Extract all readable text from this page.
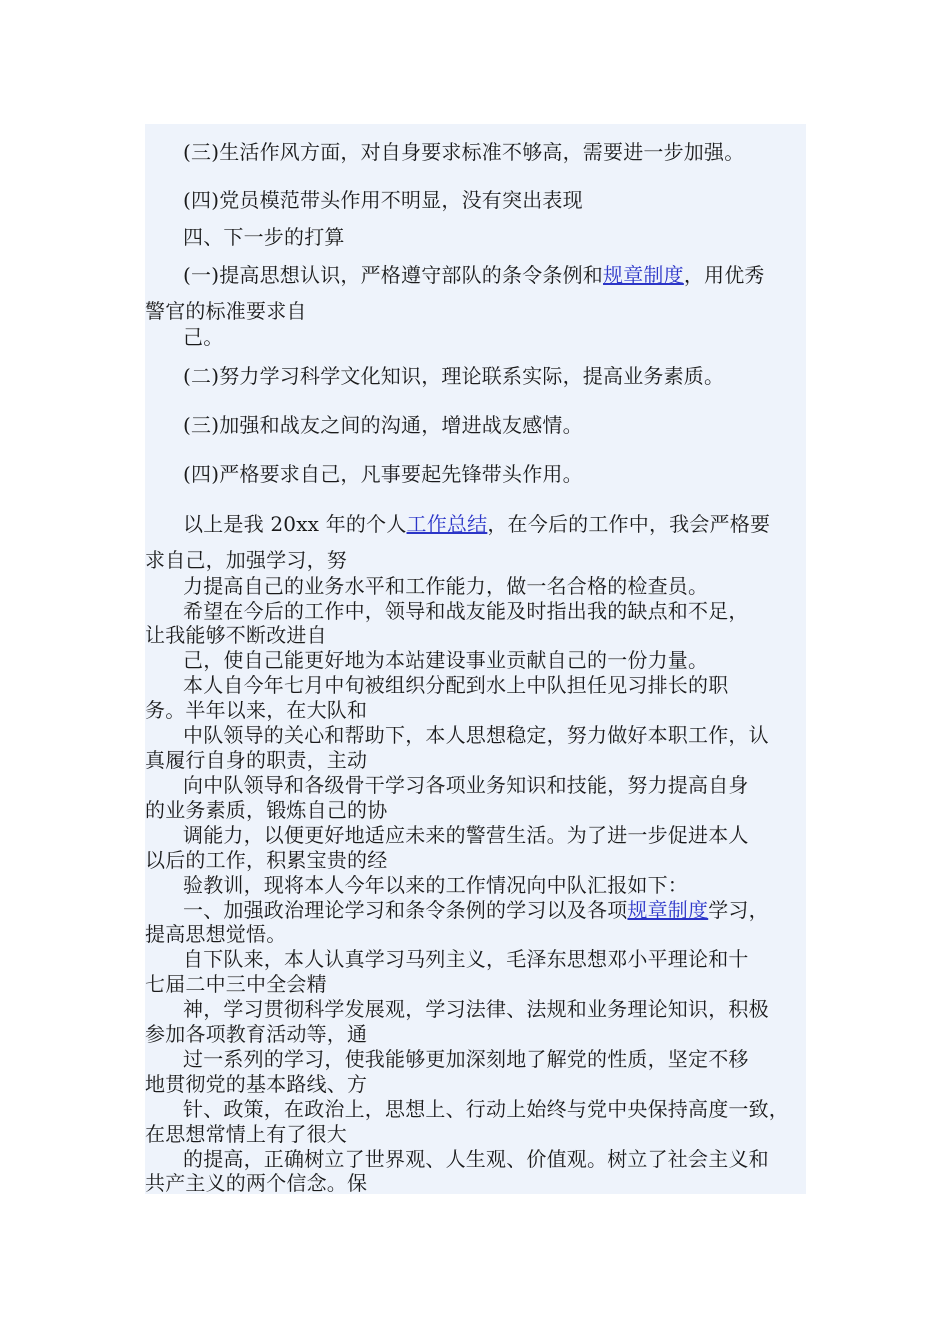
(三)生活作风方面，对自身要求标准不够高，需要进一步加强。
(四)党员模范带头作用不明显，没有突出表现
四、下一步的打算
(一)提高思想认识，严格遵守部队的条令条例和规章制度，用优秀
警官的标准要求自
己。
(二)努力学习科学文化知识，理论联系实际，提高业务素质。
(三)加强和战友之间的沟通，增进战友感情。
(四)严格要求自己，凡事要起先锋带头作用。
以上是我 20xx 年的个人工作总结，在今后的工作中，我会严格要
求自己，加强学习，努
力提高自己的业务水平和工作能力，做一名合格的检查员。
希望在今后的工作中，领导和战友能及时指出我的缺点和不足，
让我能够不断改进自
己，使自己能更好地为本站建设事业贡献自己的一份力量。
本人自今年七月中旬被组织分配到水上中队担任见习排长的职
务。半年以来，在大队和
中队领导的关心和帮助下，本人思想稳定，努力做好本职工作，认
真履行自身的职责，主动
向中队领导和各级骨干学习各项业务知识和技能，努力提高自身
的业务素质，锻炼自己的协
调能力，以便更好地适应未来的警营生活。为了进一步促进本人
以后的工作，积累宝贵的经
验教训，现将本人今年以来的工作情况向中队汇报如下：
一、加强政治理论学习和条令条例的学习以及各项规章制度学习，
提高思想觉悟。
自下队来，本人认真学习马列主义，毛泽东思想邓小平理论和十
七届二中三中全会精
神，学习贯彻科学发展观，学习法律、法规和业务理论知识，积极
参加各项教育活动等，通
过一系列的学习，使我能够更加深刻地了解党的性质，坚定不移
地贯彻党的基本路线、方
针、政策，在政治上，思想上、行动上始终与党中央保持高度一致，
在思想常情上有了很大
的提高，正确树立了世界观、人生观、价值观。树立了社会主义和
共产主义的两个信念。保
